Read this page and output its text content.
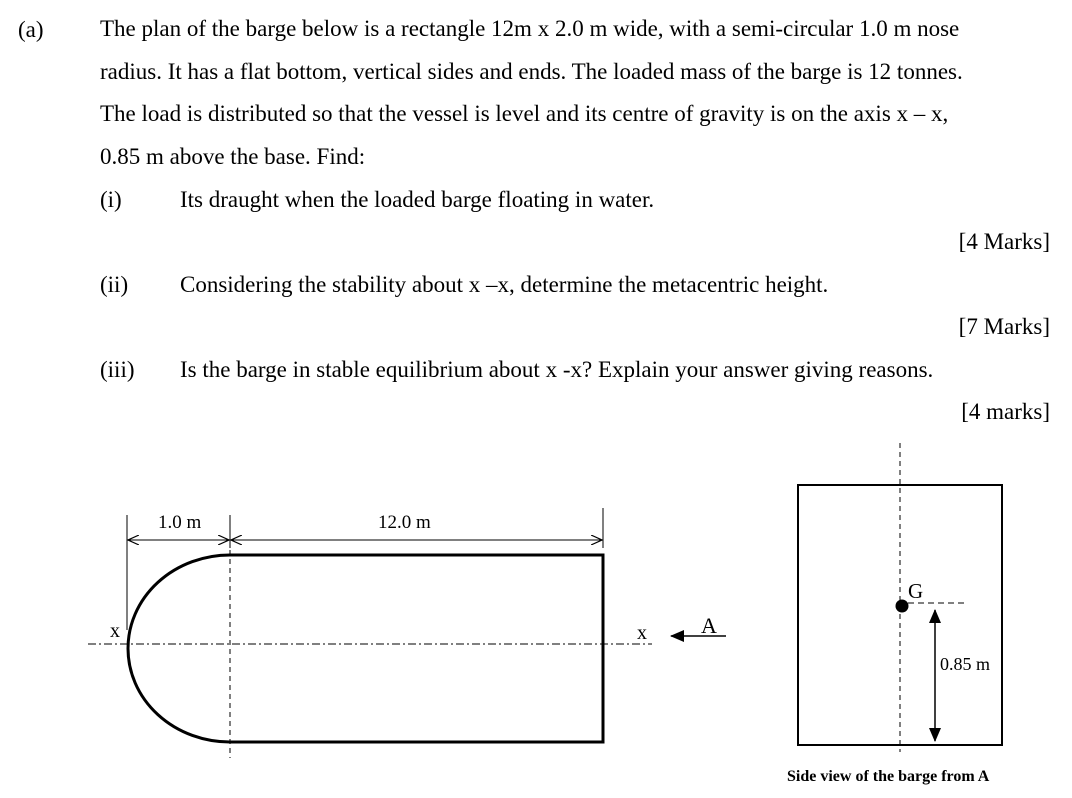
(a) The plan of the barge below is a rectangle 12m x 2.0 m wide, with a semi-circular 1.0 m nose
radius. It has a flat bottom, vertical sides and ends. The loaded mass of the barge is 12 tonnes.
The load is distributed so that the vessel is level and its centre of gravity is on the axis x – x,
0.85 m above the base. Find:
(i)	Its draught when the loaded barge floating in water.
[4 Marks]
(ii) Considering the stability about x –x, determine the metacentric height.
[7 Marks]
(iii) Is the barge in stable equilibrium about x -x? Explain your answer giving reasons.
[4 marks]
1.0 m	12.0 m
x	x A
G
0.85 m
Side view of the barge from A
